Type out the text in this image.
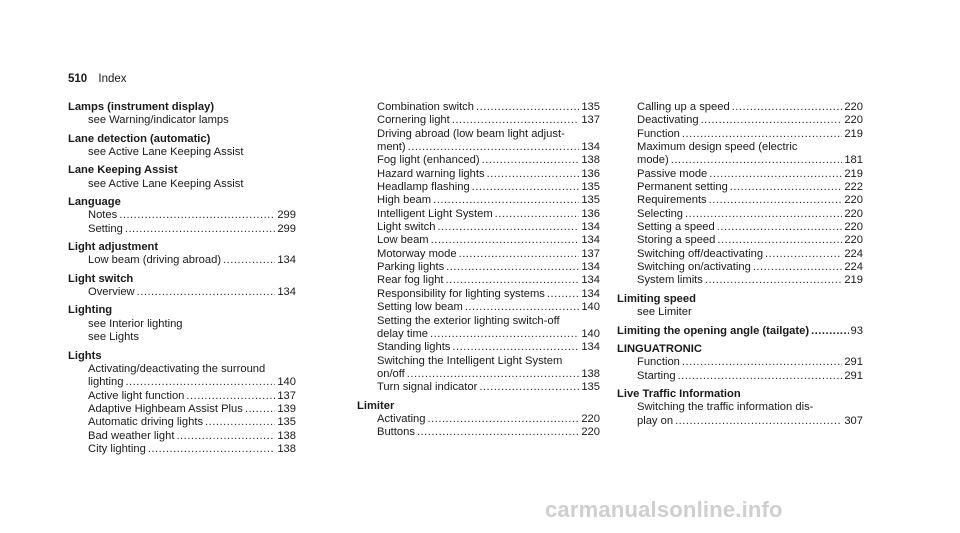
510 Index
Lamps (instrument display)
see Warning/indicator lamps
Lane detection (automatic)
see Active Lane Keeping Assist
Lane Keeping Assist
see Active Lane Keeping Assist
Language
Notes .....	299
Setting .....	299
Light adjustment
Low beam (driving abroad) .....	134
Light switch
Overview .....	134
Lighting
see Interior lighting
see Lights
Lights
Activating/deactivating the surround
lighting .....	140
Active light function .....	137
Adaptive Highbeam Assist Plus .....	139
Automatic driving lights .....	135
Bad weather light .....	138
City lighting .....	138
Combination switch .....	135
Cornering light .....	137
Driving abroad (low beam light adjust-
ment) .....	134
Fog light (enhanced) .....	138
Hazard warning lights .....	136
Headlamp flashing .....	135
High beam .....	135
Intelligent Light System .....	136
Light switch .....	134
Low beam .....	134
Motorway mode .....	137
Parking lights .....	134
Rear fog light .....	134
Responsibility for lighting systems .....	134
Setting low beam .....	140
Setting the exterior lighting switch-off
delay time .....	140
Standing lights .....	134
Switching the Intelligent Light System
on/off .....	138
Turn signal indicator .....	135
Limiter
Activating .....	220
Buttons .....	220
Calling up a speed .....	220
Deactivating .....	220
Function .....	219
Maximum design speed (electric
mode) .....	181
Passive mode .....	219
Permanent setting .....	222
Requirements .....	220
Selecting .....	220
Setting a speed .....	220
Storing a speed .....	220
Switching off/deactivating .....	224
Switching on/activating .....	224
System limits .....	219
Limiting speed
see Limiter
Limiting the opening angle (tailgate) .....	93
LINGUATRONIC
Function .....	291
Starting .....	291
Live Traffic Information
Switching the traffic information dis-
play on .....	307
carmanualsonline.info
